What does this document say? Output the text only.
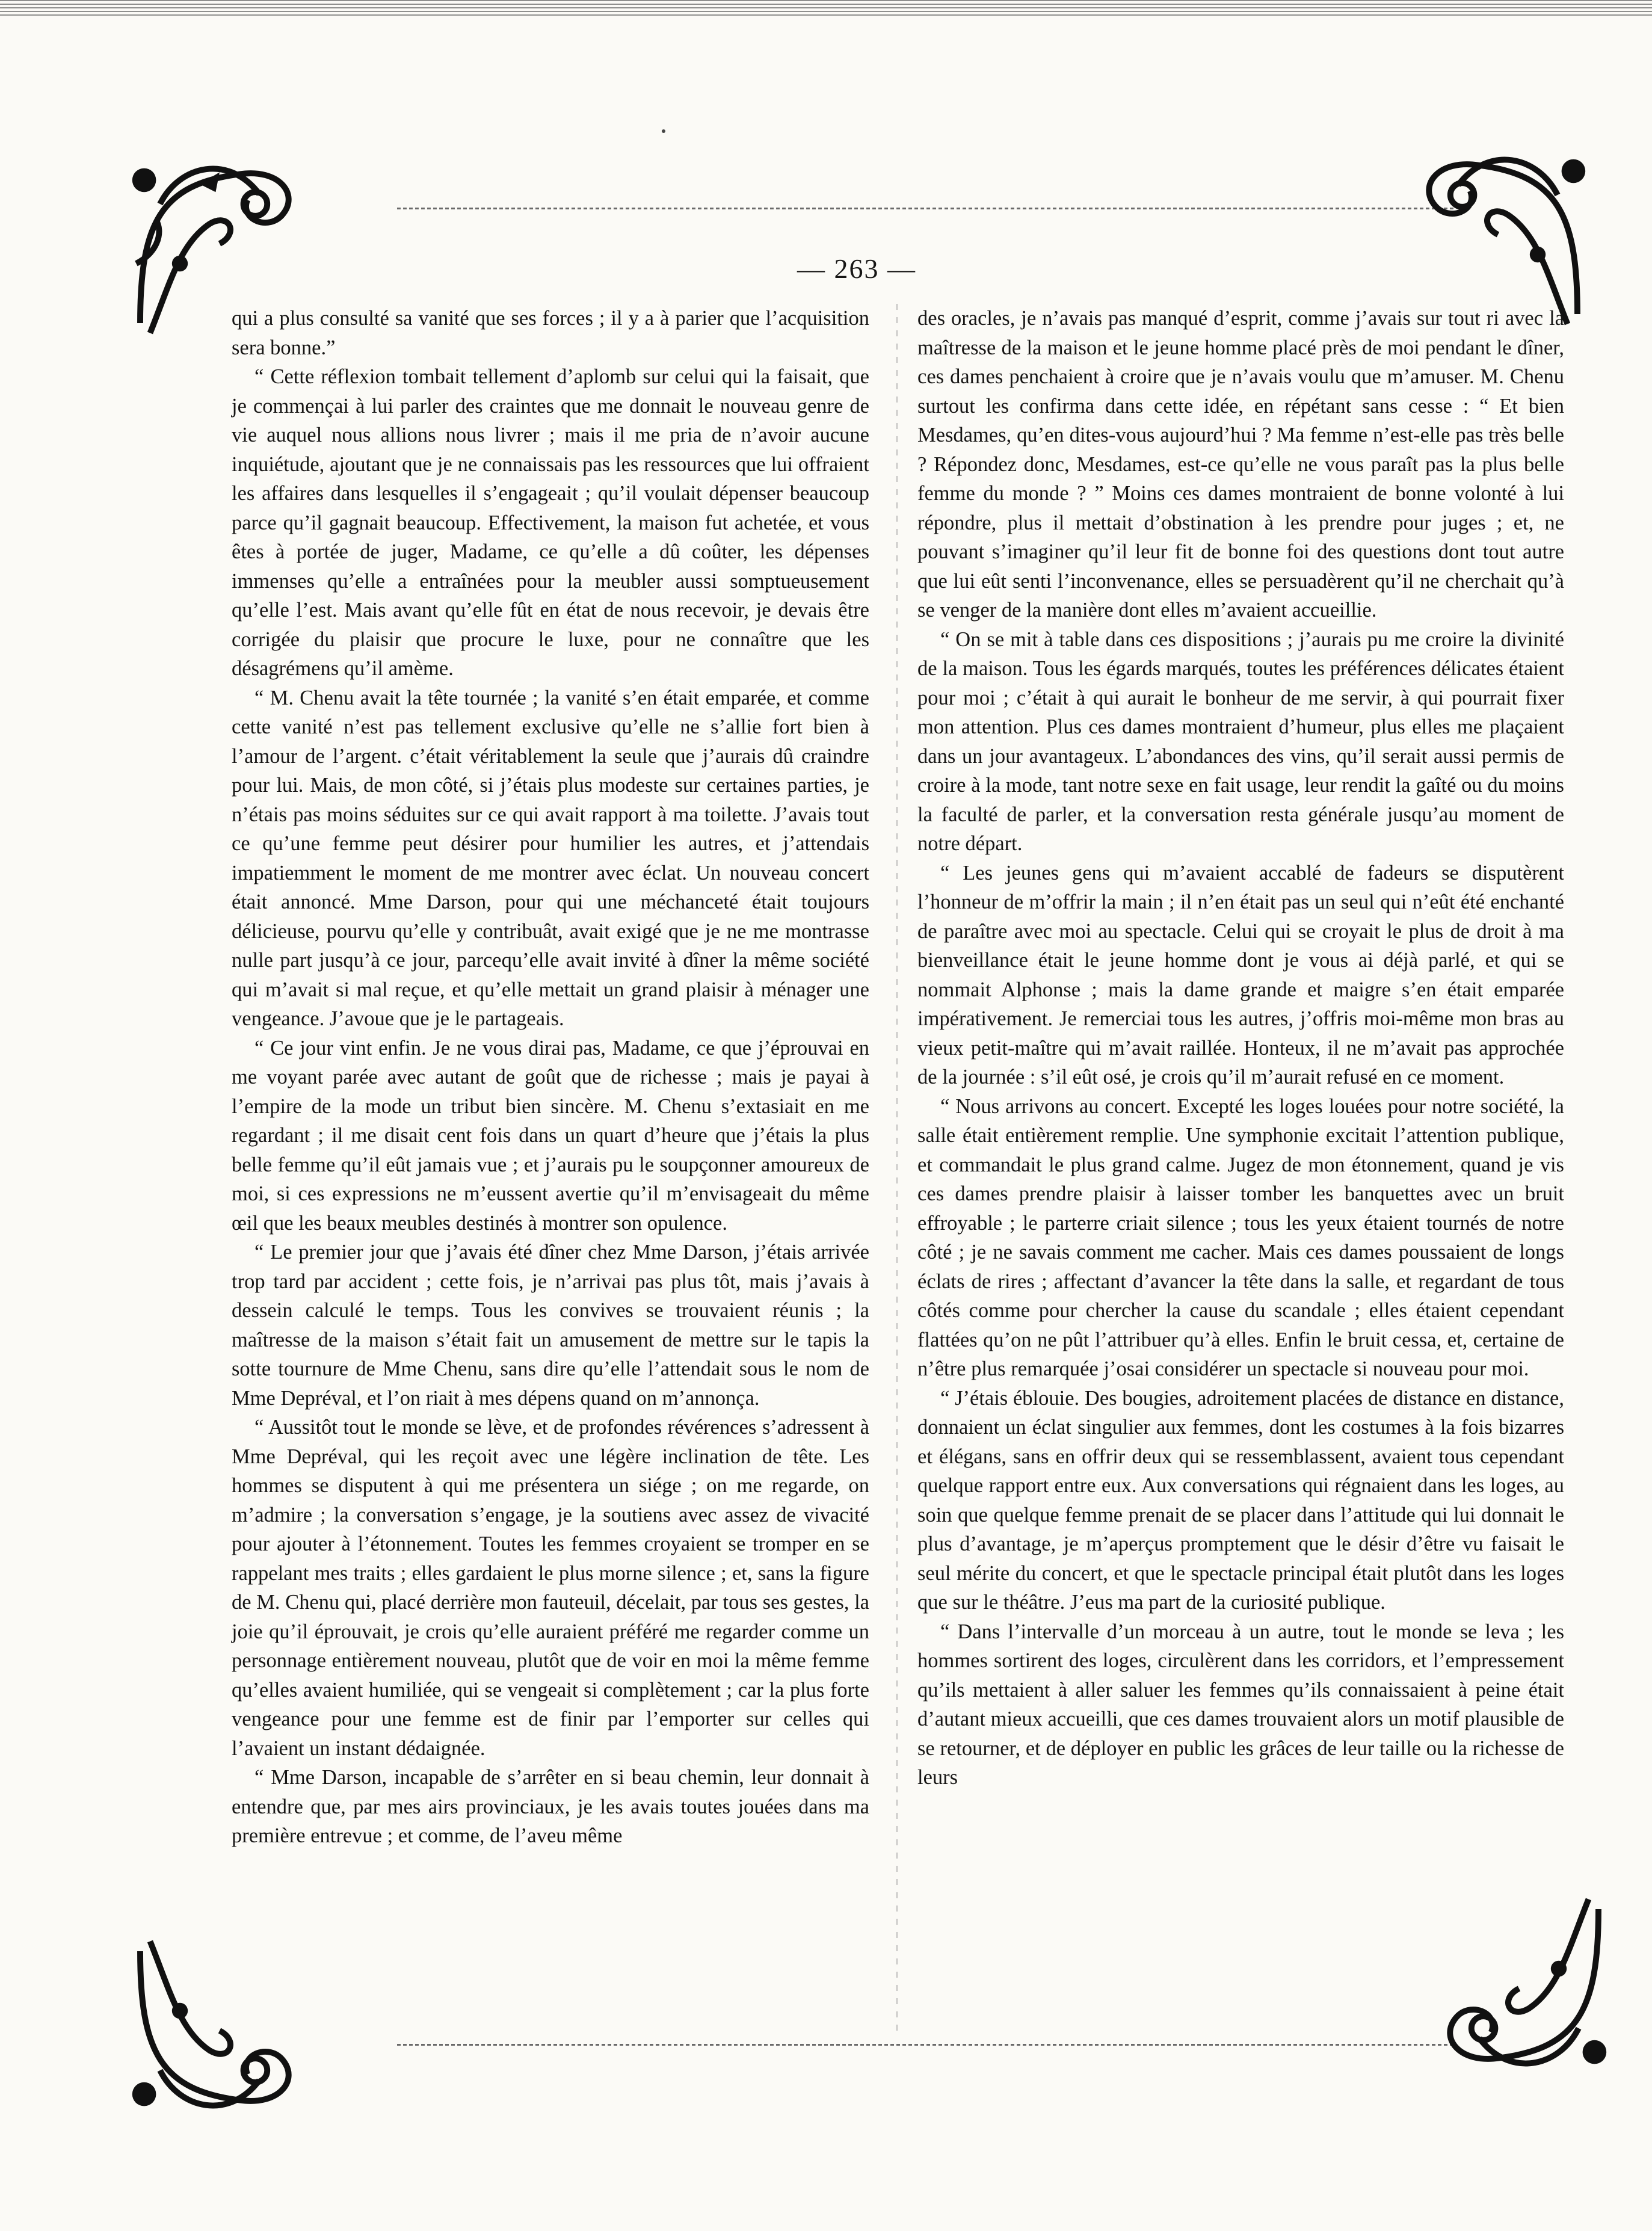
— 263 —

qui a plus consulté sa vanité que ses forces ; il y a à parier que l’acquisition sera bonne.”

“ Cette réflexion tombait tellement d’aplomb sur celui qui la faisait, que je commençai à lui parler des craintes que me donnait le nouveau genre de vie auquel nous allions nous livrer ; mais il me pria de n’avoir aucune inquiétude, ajoutant que je ne connaissais pas les ressources que lui offraient les affaires dans lesquelles il s’engageait ; qu’il voulait dépenser beaucoup parce qu’il gagnait beaucoup. Effectivement, la maison fut achetée, et vous êtes à portée de juger, Madame, ce qu’elle a dû coûter, les dépenses immenses qu’elle a entraînées pour la meubler aussi somptueusement qu’elle l’est. Mais avant qu’elle fût en état de nous recevoir, je devais être corrigée du plaisir que procure le luxe, pour ne connaître que les désagrémens qu’il amème.

“ M. Chenu avait la tête tournée ; la vanité s’en était emparée, et comme cette vanité n’est pas tellement exclusive qu’elle ne s’allie fort bien à l’amour de l’argent. c’était véritablement la seule que j’aurais dû craindre pour lui. Mais, de mon côté, si j’étais plus modeste sur certaines parties, je n’étais pas moins séduites sur ce qui avait rapport à ma toilette. J’avais tout ce qu’une femme peut désirer pour humilier les autres, et j’attendais impatiemment le moment de me montrer avec éclat. Un nouveau concert était annoncé. Mme Darson, pour qui une méchanceté était toujours délicieuse, pourvu qu’elle y contribuât, avait exigé que je ne me montrasse nulle part jusqu’à ce jour, parcequ’elle avait invité à dîner la même société qui m’avait si mal reçue, et qu’elle mettait un grand plaisir à ménager une vengeance. J’avoue que je le partageais.

“ Ce jour vint enfin. Je ne vous dirai pas, Madame, ce que j’éprouvai en me voyant parée avec autant de goût que de richesse ; mais je payai à l’empire de la mode un tribut bien sincère. M. Chenu s’extasiait en me regardant ; il me disait cent fois dans un quart d’heure que j’étais la plus belle femme qu’il eût jamais vue ; et j’aurais pu le soupçonner amoureux de moi, si ces expressions ne m’eussent avertie qu’il m’envisageait du même œil que les beaux meubles destinés à montrer son opulence.

“ Le premier jour que j’avais été dîner chez Mme Darson, j’étais arrivée trop tard par accident ; cette fois, je n’arrivai pas plus tôt, mais j’avais à dessein calculé le temps. Tous les convives se trouvaient réunis ; la maîtresse de la maison s’était fait un amusement de mettre sur le tapis la sotte tournure de Mme Chenu, sans dire qu’elle l’attendait sous le nom de Mme Depréval, et l’on riait à mes dépens quand on m’annonça.

“ Aussitôt tout le monde se lève, et de profondes révérences s’adressent à Mme Depréval, qui les reçoit avec une légère inclination de tête. Les hommes se disputent à qui me présentera un siége ; on me regarde, on m’admire ; la conversation s’engage, je la soutiens avec assez de vivacité pour ajouter à l’étonnement. Toutes les femmes croyaient se tromper en se rappelant mes traits ; elles gardaient le plus morne silence ; et, sans la figure de M. Chenu qui, placé derrière mon fauteuil, décelait, par tous ses gestes, la joie qu’il éprouvait, je crois qu’elle auraient préféré me regarder comme un personnage entièrement nouveau, plutôt que de voir en moi la même femme qu’elles avaient humiliée, qui se vengeait si complètement ; car la plus forte vengeance pour une femme est de finir par l’emporter sur celles qui l’avaient un instant dédaignée.

“ Mme Darson, incapable de s’arrêter en si beau chemin, leur donnait à entendre que, par mes airs provinciaux, je les avais toutes jouées dans ma première entrevue ; et comme, de l’aveu même

des oracles, je n’avais pas manqué d’esprit, comme j’avais sur tout ri avec la maîtresse de la maison et le jeune homme placé près de moi pendant le dîner, ces dames penchaient à croire que je n’avais voulu que m’amuser. M. Chenu surtout les confirma dans cette idée, en répétant sans cesse : “ Et bien Mesdames, qu’en dites-vous aujourd’hui ? Ma femme n’est-elle pas très belle ? Répondez donc, Mesdames, est-ce qu’elle ne vous paraît pas la plus belle femme du monde ? ” Moins ces dames montraient de bonne volonté à lui répondre, plus il mettait d’obstination à les prendre pour juges ; et, ne pouvant s’imaginer qu’il leur fit de bonne foi des questions dont tout autre que lui eût senti l’inconvenance, elles se persuadèrent qu’il ne cherchait qu’à se venger de la manière dont elles m’avaient accueillie.

“ On se mit à table dans ces dispositions ; j’aurais pu me croire la divinité de la maison. Tous les égards marqués, toutes les préférences délicates étaient pour moi ; c’était à qui aurait le bonheur de me servir, à qui pourrait fixer mon attention. Plus ces dames montraient d’humeur, plus elles me plaçaient dans un jour avantageux. L’abondances des vins, qu’il serait aussi permis de croire à la mode, tant notre sexe en fait usage, leur rendit la gaîté ou du moins la faculté de parler, et la conversation resta générale jusqu’au moment de notre départ.

“ Les jeunes gens qui m’avaient accablé de fadeurs se disputèrent l’honneur de m’offrir la main ; il n’en était pas un seul qui n’eût été enchanté de paraître avec moi au spectacle. Celui qui se croyait le plus de droit à ma bienveillance était le jeune homme dont je vous ai déjà parlé, et qui se nommait Alphonse ; mais la dame grande et maigre s’en était emparée impérativement. Je remerciai tous les autres, j’offris moi-même mon bras au vieux petit-maître qui m’avait raillée. Honteux, il ne m’avait pas approchée de la journée : s’il eût osé, je crois qu’il m’aurait refusé en ce moment.

“ Nous arrivons au concert. Excepté les loges louées pour notre société, la salle était entièrement remplie. Une symphonie excitait l’attention publique, et commandait le plus grand calme. Jugez de mon étonnement, quand je vis ces dames prendre plaisir à laisser tomber les banquettes avec un bruit effroyable ; le parterre criait silence ; tous les yeux étaient tournés de notre côté ; je ne savais comment me cacher. Mais ces dames poussaient de longs éclats de rires ; affectant d’avancer la tête dans la salle, et regardant de tous côtés comme pour chercher la cause du scandale ; elles étaient cependant flattées qu’on ne pût l’attribuer qu’à elles. Enfin le bruit cessa, et, certaine de n’être plus remarquée j’osai considérer un spectacle si nouveau pour moi.

“ J’étais éblouie. Des bougies, adroitement placées de distance en distance, donnaient un éclat singulier aux femmes, dont les costumes à la fois bizarres et élégans, sans en offrir deux qui se ressemblassent, avaient tous cependant quelque rapport entre eux. Aux conversations qui régnaient dans les loges, au soin que quelque femme prenait de se placer dans l’attitude qui lui donnait le plus d’avantage, je m’aperçus promptement que le désir d’être vu faisait le seul mérite du concert, et que le spectacle principal était plutôt dans les loges que sur le théâtre. J’eus ma part de la curiosité publique.

“ Dans l’intervalle d’un morceau à un autre, tout le monde se leva ; les hommes sortirent des loges, circulèrent dans les corridors, et l’empressement qu’ils mettaient à aller saluer les femmes qu’ils connaissaient à peine était d’autant mieux accueilli, que ces dames trouvaient alors un motif plausible de se retourner, et de déployer en public les grâces de leur taille ou la richesse de leurs
